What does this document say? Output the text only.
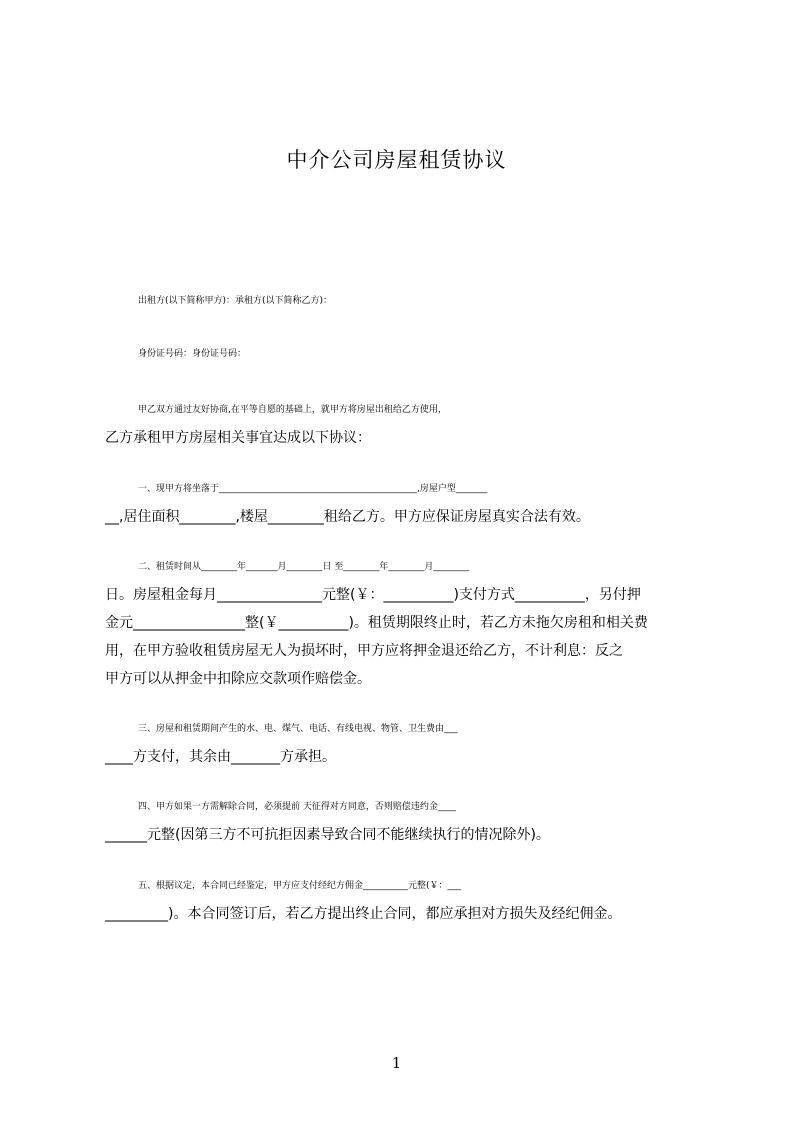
中介公司房屋租赁协议
出租方(以下简称甲方)：承租方(以下简称乙方)：
身份证号码：身份证号码：
甲乙双方通过友好协商,在平等自愿的基础上，就甲方将房屋出租给乙方使用，
乙方承租甲方房屋相关事宜达成以下协议：
一、现甲方将坐落于____________________________________________,房屋户型_______
__,居住面积________,楼屋________租给乙方。甲方应保证房屋真实合法有效。
二、租赁时间从________年_______月________日 至________年________月________
日。房屋租金每月_______________元整(￥：__________)支付方式__________，另付押
金元________________整(￥__________)。租赁期限终止时，若乙方未拖欠房租和相关费
用，在甲方验收租赁房屋无人为损坏时，甲方应将押金退还给乙方，不计利息：反之
甲方可以从押金中扣除应交款项作赔偿金。
三、房屋和租赁期间产生的水、电、煤气、电话、有线电视、物管、卫生费由___
____方支付，其余由_______方承担。
四、甲方如果一方需解除合同，必须提前 天征得对方同意，否则赔偿违约金____
______元整(因第三方不可抗拒因素导致合同不能继续执行的情况除外)。
五、根据议定，本合同已经鉴定，甲方应支付经纪方佣金__________元整(￥：___
_________)。本合同签订后，若乙方提出终止合同，都应承担对方损失及经纪佣金。
1
